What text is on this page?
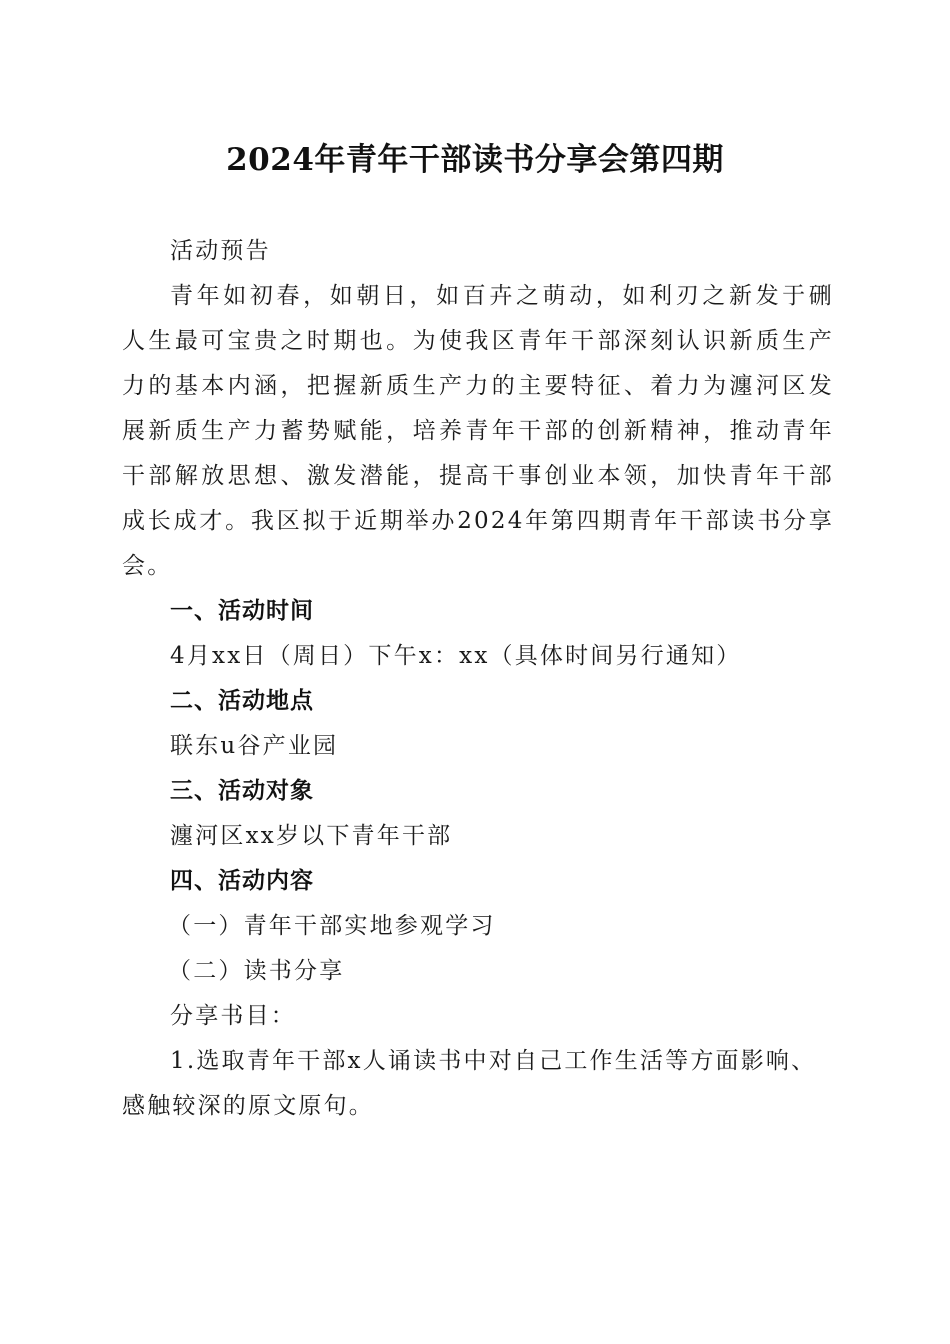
2024年青年干部读书分享会第四期
活动预告
青年如初春，如朝日，如百卉之萌动，如利刃之新发于硎
人生最可宝贵之时期也。为使我区青年干部深刻认识新质生产
力的基本内涵，把握新质生产力的主要特征、着力为瀍河区发
展新质生产力蓄势赋能，培养青年干部的创新精神，推动青年
干部解放思想、激发潜能，提高干事创业本领，加快青年干部
成长成才。我区拟于近期举办2024年第四期青年干部读书分享
会。
一、活动时间
4月xx日（周日）下午x：xx（具体时间另行通知）
二、活动地点
联东u谷产业园
三、活动对象
瀍河区xx岁以下青年干部
四、活动内容
（一）青年干部实地参观学习
（二）读书分享
分享书目：
1.选取青年干部x人诵读书中对自己工作生活等方面影响、
感触较深的原文原句。
